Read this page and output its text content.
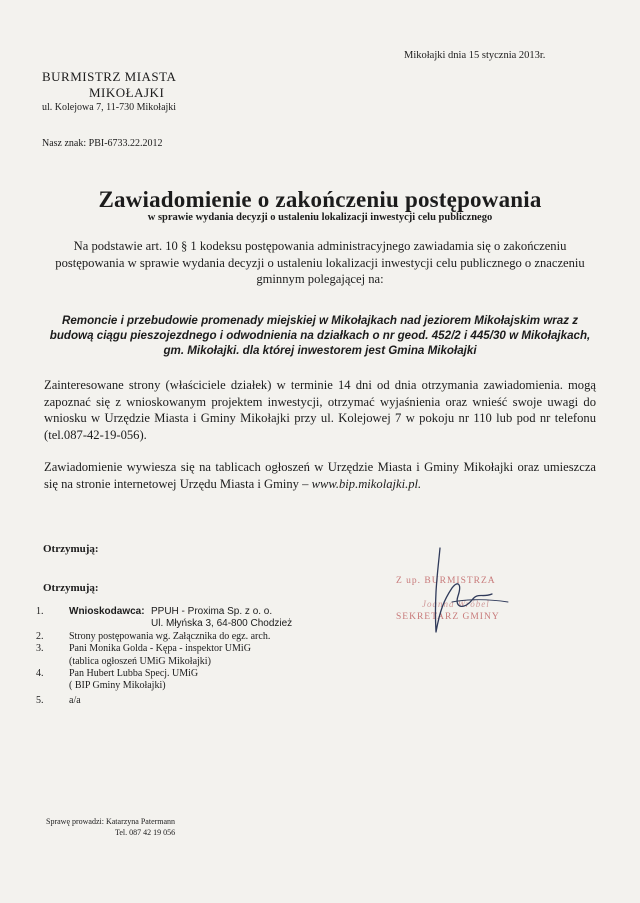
Mikołajki dnia 15 stycznia 2013r.
BURMISTRZ MIASTA
MIKOŁAJKI
ul. Kolejowa 7, 11-730 Mikołajki
Nasz znak: PBI-6733.22.2012
Zawiadomienie o zakończeniu postępowania
w sprawie wydania decyzji o ustaleniu lokalizacji inwestycji celu publicznego
Na podstawie art. 10 § 1 kodeksu postępowania administracyjnego zawiadamia się o zakończeniu postępowania w sprawie wydania decyzji o ustaleniu lokalizacji inwestycji celu publicznego o znaczeniu gminnym polegającej na:
Remoncie i przebudowie promenady miejskiej w Mikołajkach nad jeziorem Mikołajskim wraz z budową ciągu pieszojezdnego i odwodnienia na działkach o nr geod. 452/2 i 445/30 w Mikołajkach, gm. Mikołajki. dla której inwestorem jest Gmina Mikołajki
Zainteresowane strony (właściciele działek) w terminie 14 dni od dnia otrzymania zawiadomienia. mogą zapoznać się z wnioskowanym projektem inwestycji, otrzymać wyjaśnienia oraz wnieść swoje uwagi do wniosku w Urzędzie Miasta i Gminy Mikołajki przy ul. Kolejowej 7 w pokoju nr 110 lub pod nr telefonu (tel.087-42-19-056).
Zawiadomienie wywiesza się na tablicach ogłoszeń w Urzędzie Miasta i Gminy Mikołajki oraz umieszcza się na stronie internetowej Urzędu Miasta i Gminy – www.bip.mikolajki.pl.
Otrzymują:
Otrzymują:
1.	Wnioskodawca: PPUH - Proxima Sp. z o. o.
Ul. Młyńska 3, 64-800 Chodzież
2.	Strony postępowania wg. Załącznika do egz. arch.
3.	Pani Monika Golda - Kępa - inspektor UMiG
(tablica ogłoszeń UMiG Mikołajki)
4.	Pan Hubert Lubba Specj. UMiG
( BIP Gminy Mikołajki)
5.	a/a
Z up. BURMISTRZA
Joanna Wróbel
SEKRETARZ GMINY
Sprawę prowadzi: Katarzyna Patermann
Tel. 087 42 19 056
